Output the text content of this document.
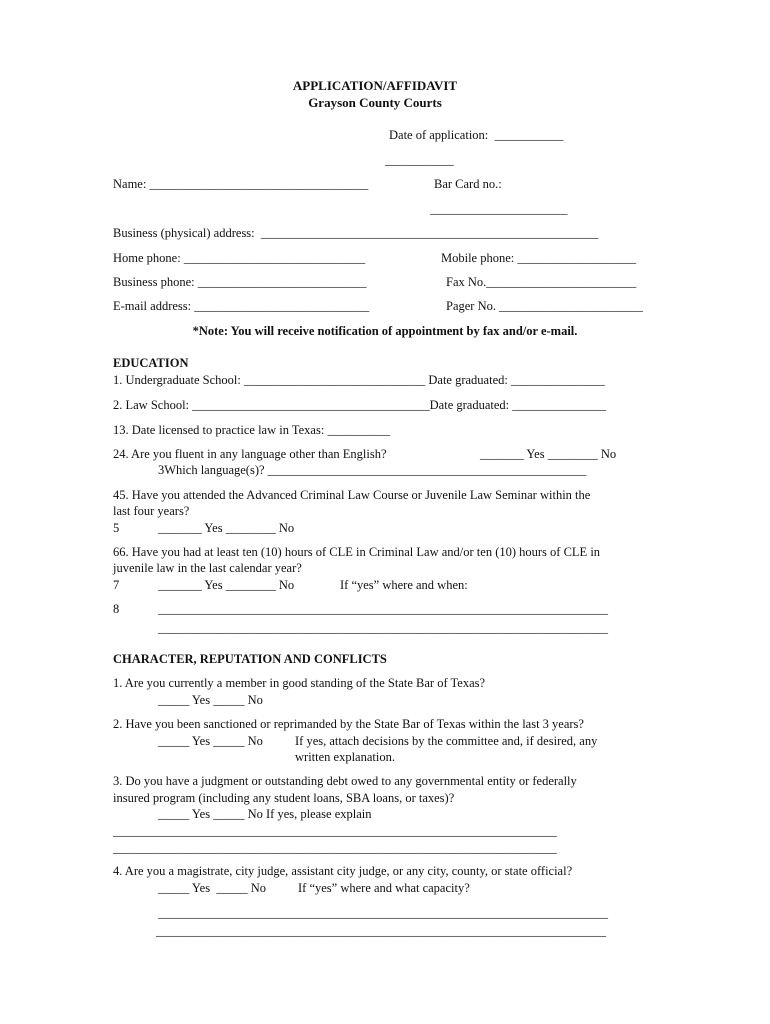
APPLICATION/AFFIDAVIT
Grayson County Courts
Date of application:  ___________
___________
Name: ___________________________________	Bar Card no.:
______________________
Business (physical) address:  ______________________________________________________
Home phone: _____________________________	Mobile phone: ___________________
Business phone: ___________________________	Fax No.________________________
E-mail address: ____________________________	Pager No. _______________________
*Note: You will receive notification of appointment by fax and/or e-mail.
EDUCATION
1. Undergraduate School: _____________________________ Date graduated: _______________
2. Law School: ______________________________________Date graduated: _______________
13. Date licensed to practice law in Texas: __________
24. Are you fluent in any language other than English?	_______ Yes ________ No
3Which language(s)? ___________________________________________________
45. Have you attended the Advanced Criminal Law Course or Juvenile Law Seminar within the
last four years?
5	_______ Yes ________ No
66. Have you had at least ten (10) hours of CLE in Criminal Law and/or ten (10) hours of CLE in
juvenile law in the last calendar year?
7	_______ Yes ________ No	If “yes” where and when:
8	________________________________________________________________________
________________________________________________________________________
CHARACTER, REPUTATION AND CONFLICTS
1. Are you currently a member in good standing of the State Bar of Texas?
_____ Yes _____ No
2. Have you been sanctioned or reprimanded by the State Bar of Texas within the last 3 years?
_____ Yes _____ No	If yes, attach decisions by the committee and, if desired, any
written explanation.
3. Do you have a judgment or outstanding debt owed to any governmental entity or federally
insured program (including any student loans, SBA loans, or taxes)?
_____ Yes _____ No If yes, please explain
_______________________________________________________________________
_______________________________________________________________________
4. Are you a magistrate, city judge, assistant city judge, or any city, county, or state official?
_____ Yes  _____ No	If “yes” where and what capacity?
________________________________________________________________________
________________________________________________________________________
